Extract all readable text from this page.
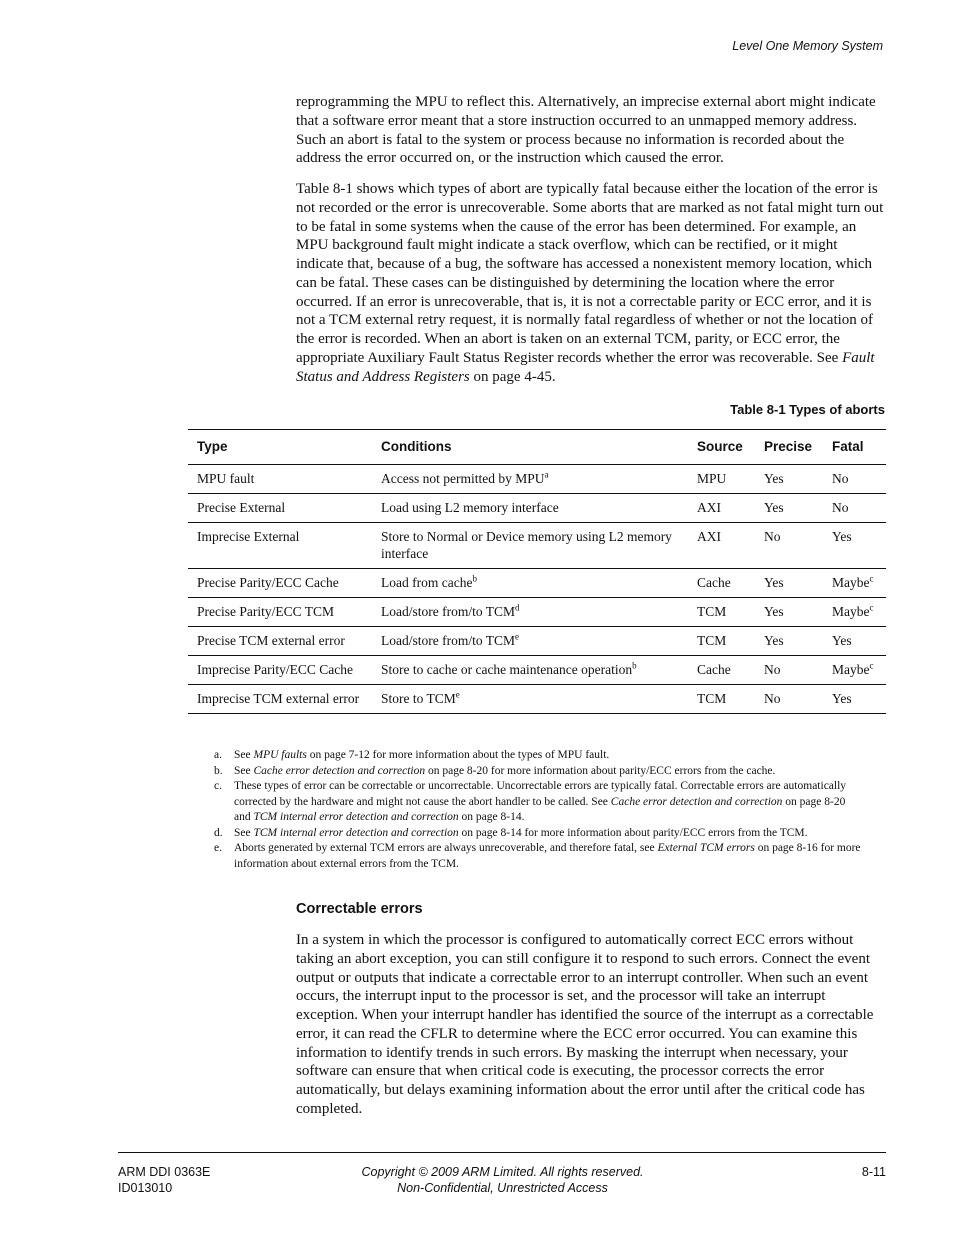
Level One Memory System

reprogramming the MPU to reflect this. Alternatively, an imprecise external abort might indicate that a software error meant that a store instruction occurred to an unmapped memory address. Such an abort is fatal to the system or process because no information is recorded about the address the error occurred on, or the instruction which caused the error.

Table 8-1 shows which types of abort are typically fatal because either the location of the error is not recorded or the error is unrecoverable. Some aborts that are marked as not fatal might turn out to be fatal in some systems when the cause of the error has been determined. For example, an MPU background fault might indicate a stack overflow, which can be rectified, or it might indicate that, because of a bug, the software has accessed a nonexistent memory location, which can be fatal. These cases can be distinguished by determining the location where the error occurred. If an error is unrecoverable, that is, it is not a correctable parity or ECC error, and it is not a TCM external retry request, it is normally fatal regardless of whether or not the location of the error is recorded. When an abort is taken on an external TCM, parity, or ECC error, the appropriate Auxiliary Fault Status Register records whether the error was recoverable. See Fault Status and Address Registers on page 4-45.

Table 8-1 Types of aborts
Type	Conditions	Source	Precise	Fatal
MPU fault	Access not permitted by MPU$^a$	MPU	Yes	No
Precise External	Load using L2 memory interface	AXI	Yes	No
Imprecise External	Store to Normal or Device memory using L2 memory interface	AXI	No	Yes
Precise Parity/ECC Cache	Load from cache$^b$	Cache	Yes	Maybe$^c$
Precise Parity/ECC TCM	Load/store from/to TCM$^d$	TCM	Yes	Maybe$^c$
Precise TCM external error	Load/store from/to TCM$^e$	TCM	Yes	Yes
Imprecise Parity/ECC Cache	Store to cache or cache maintenance operation$^b$	Cache	No	Maybe$^c$
Imprecise TCM external error	Store to TCM$^e$	TCM	No	Yes
a.	See MPU faults on page 7-12 for more information about the types of MPU fault.
b. See Cache error detection and correction on page 8-20 for more information about parity/ECC errors from the cache.
c.	These types of error can be correctable or uncorrectable. Uncorrectable errors are typically fatal. Correctable errors are automatically corrected by the hardware and might not cause the abort handler to be called. See Cache error detection and correction on page 8-20 and TCM internal error detection and correction on page 8-14.
d. See TCM internal error detection and correction on page 8-14 for more information about parity/ECC errors from the TCM.
e.	Aborts generated by external TCM errors are always unrecoverable, and therefore fatal, see External TCM errors on page 8-16 for more information about external errors from the TCM.
Correctable errors

In a system in which the processor is configured to automatically correct ECC errors without taking an abort exception, you can still configure it to respond to such errors. Connect the event output or outputs that indicate a correctable error to an interrupt controller. When such an event occurs, the interrupt input to the processor is set, and the processor will take an interrupt exception. When your interrupt handler has identified the source of the interrupt as a correctable error, it can read the CFLR to determine where the ECC error occurred. You can examine this information to identify trends in such errors. By masking the interrupt when necessary, your software can ensure that when critical code is executing, the processor corrects the error automatically, but delays examining information about the error until after the critical code has completed.

ARM DDI 0363E
ID013010
Copyright © 2009 ARM Limited. All rights reserved.
Non-Confidential, Unrestricted Access
8-11
